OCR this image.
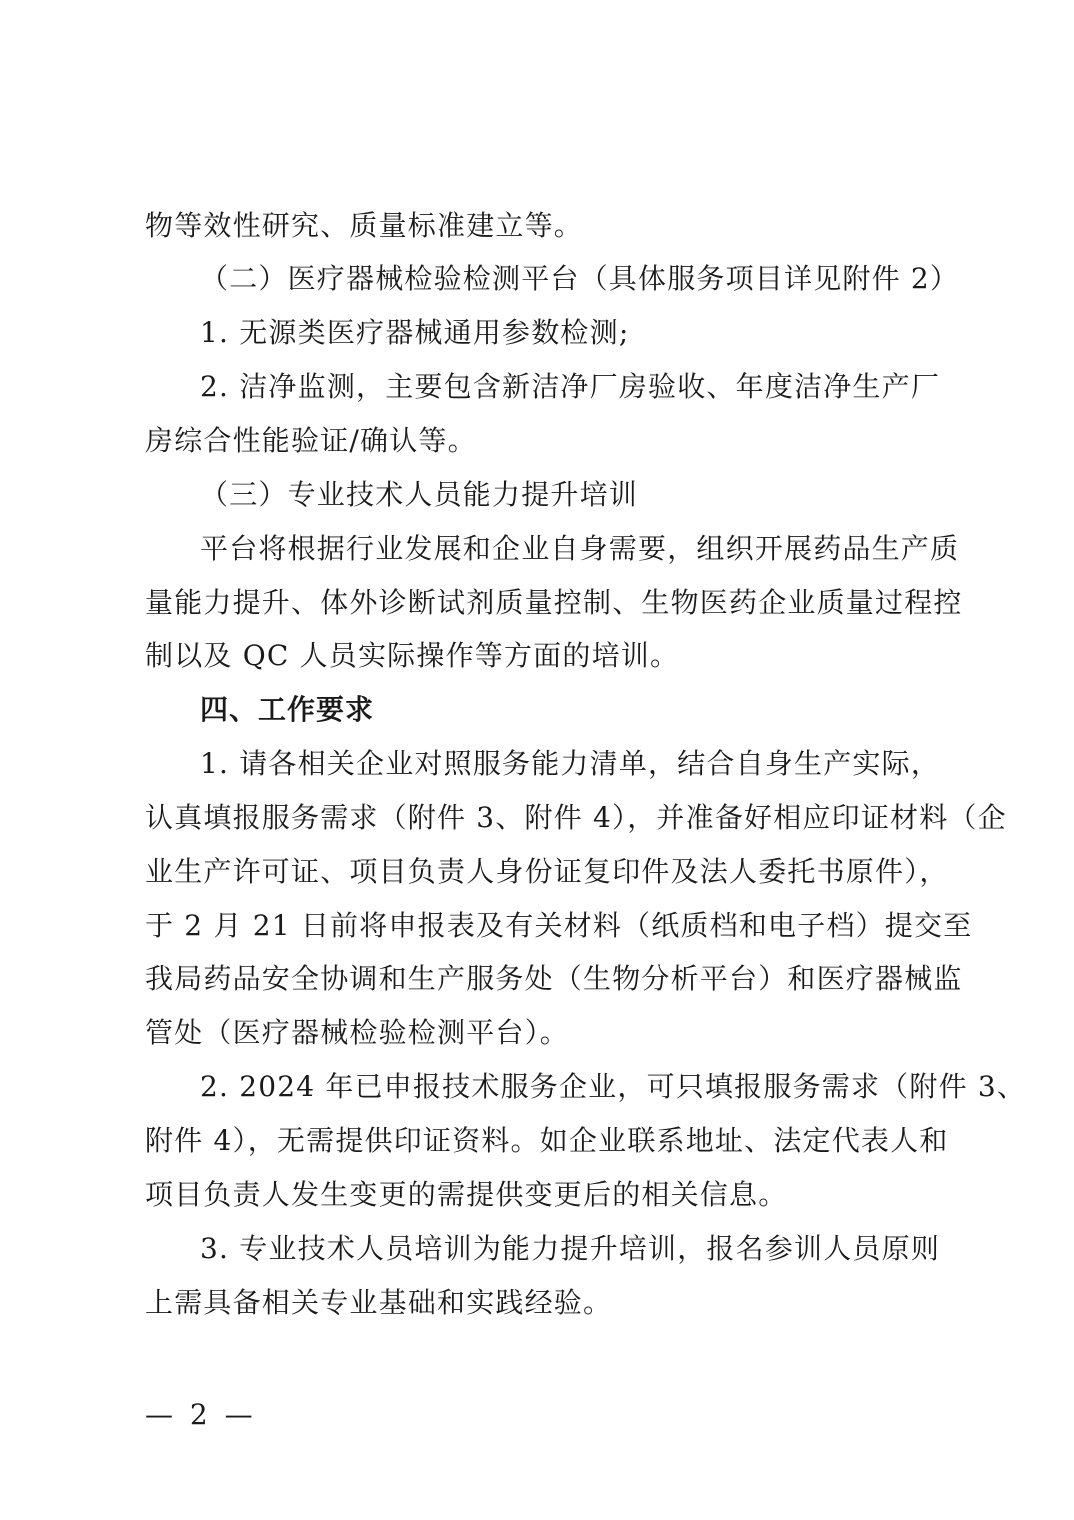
物等效性研究、质量标准建立等。
（二）医疗器械检验检测平台（具体服务项目详见附件 2）
1. 无源类医疗器械通用参数检测;
2. 洁净监测，主要包含新洁净厂房验收、年度洁净生产厂
房综合性能验证/确认等。
（三）专业技术人员能力提升培训
平台将根据行业发展和企业自身需要，组织开展药品生产质
量能力提升、体外诊断试剂质量控制、生物医药企业质量过程控
制以及 QC 人员实际操作等方面的培训。
四、工作要求
1. 请各相关企业对照服务能力清单，结合自身生产实际，
认真填报服务需求（附件 3、附件 4），并准备好相应印证材料（企
业生产许可证、项目负责人身份证复印件及法人委托书原件），
于 2 月 21 日前将申报表及有关材料（纸质档和电子档）提交至
我局药品安全协调和生产服务处（生物分析平台）和医疗器械监
管处（医疗器械检验检测平台）。
2. 2024 年已申报技术服务企业，可只填报服务需求（附件 3、
附件 4），无需提供印证资料。如企业联系地址、法定代表人和
项目负责人发生变更的需提供变更后的相关信息。
3. 专业技术人员培训为能力提升培训，报名参训人员原则
上需具备相关专业基础和实践经验。
— 2 —
